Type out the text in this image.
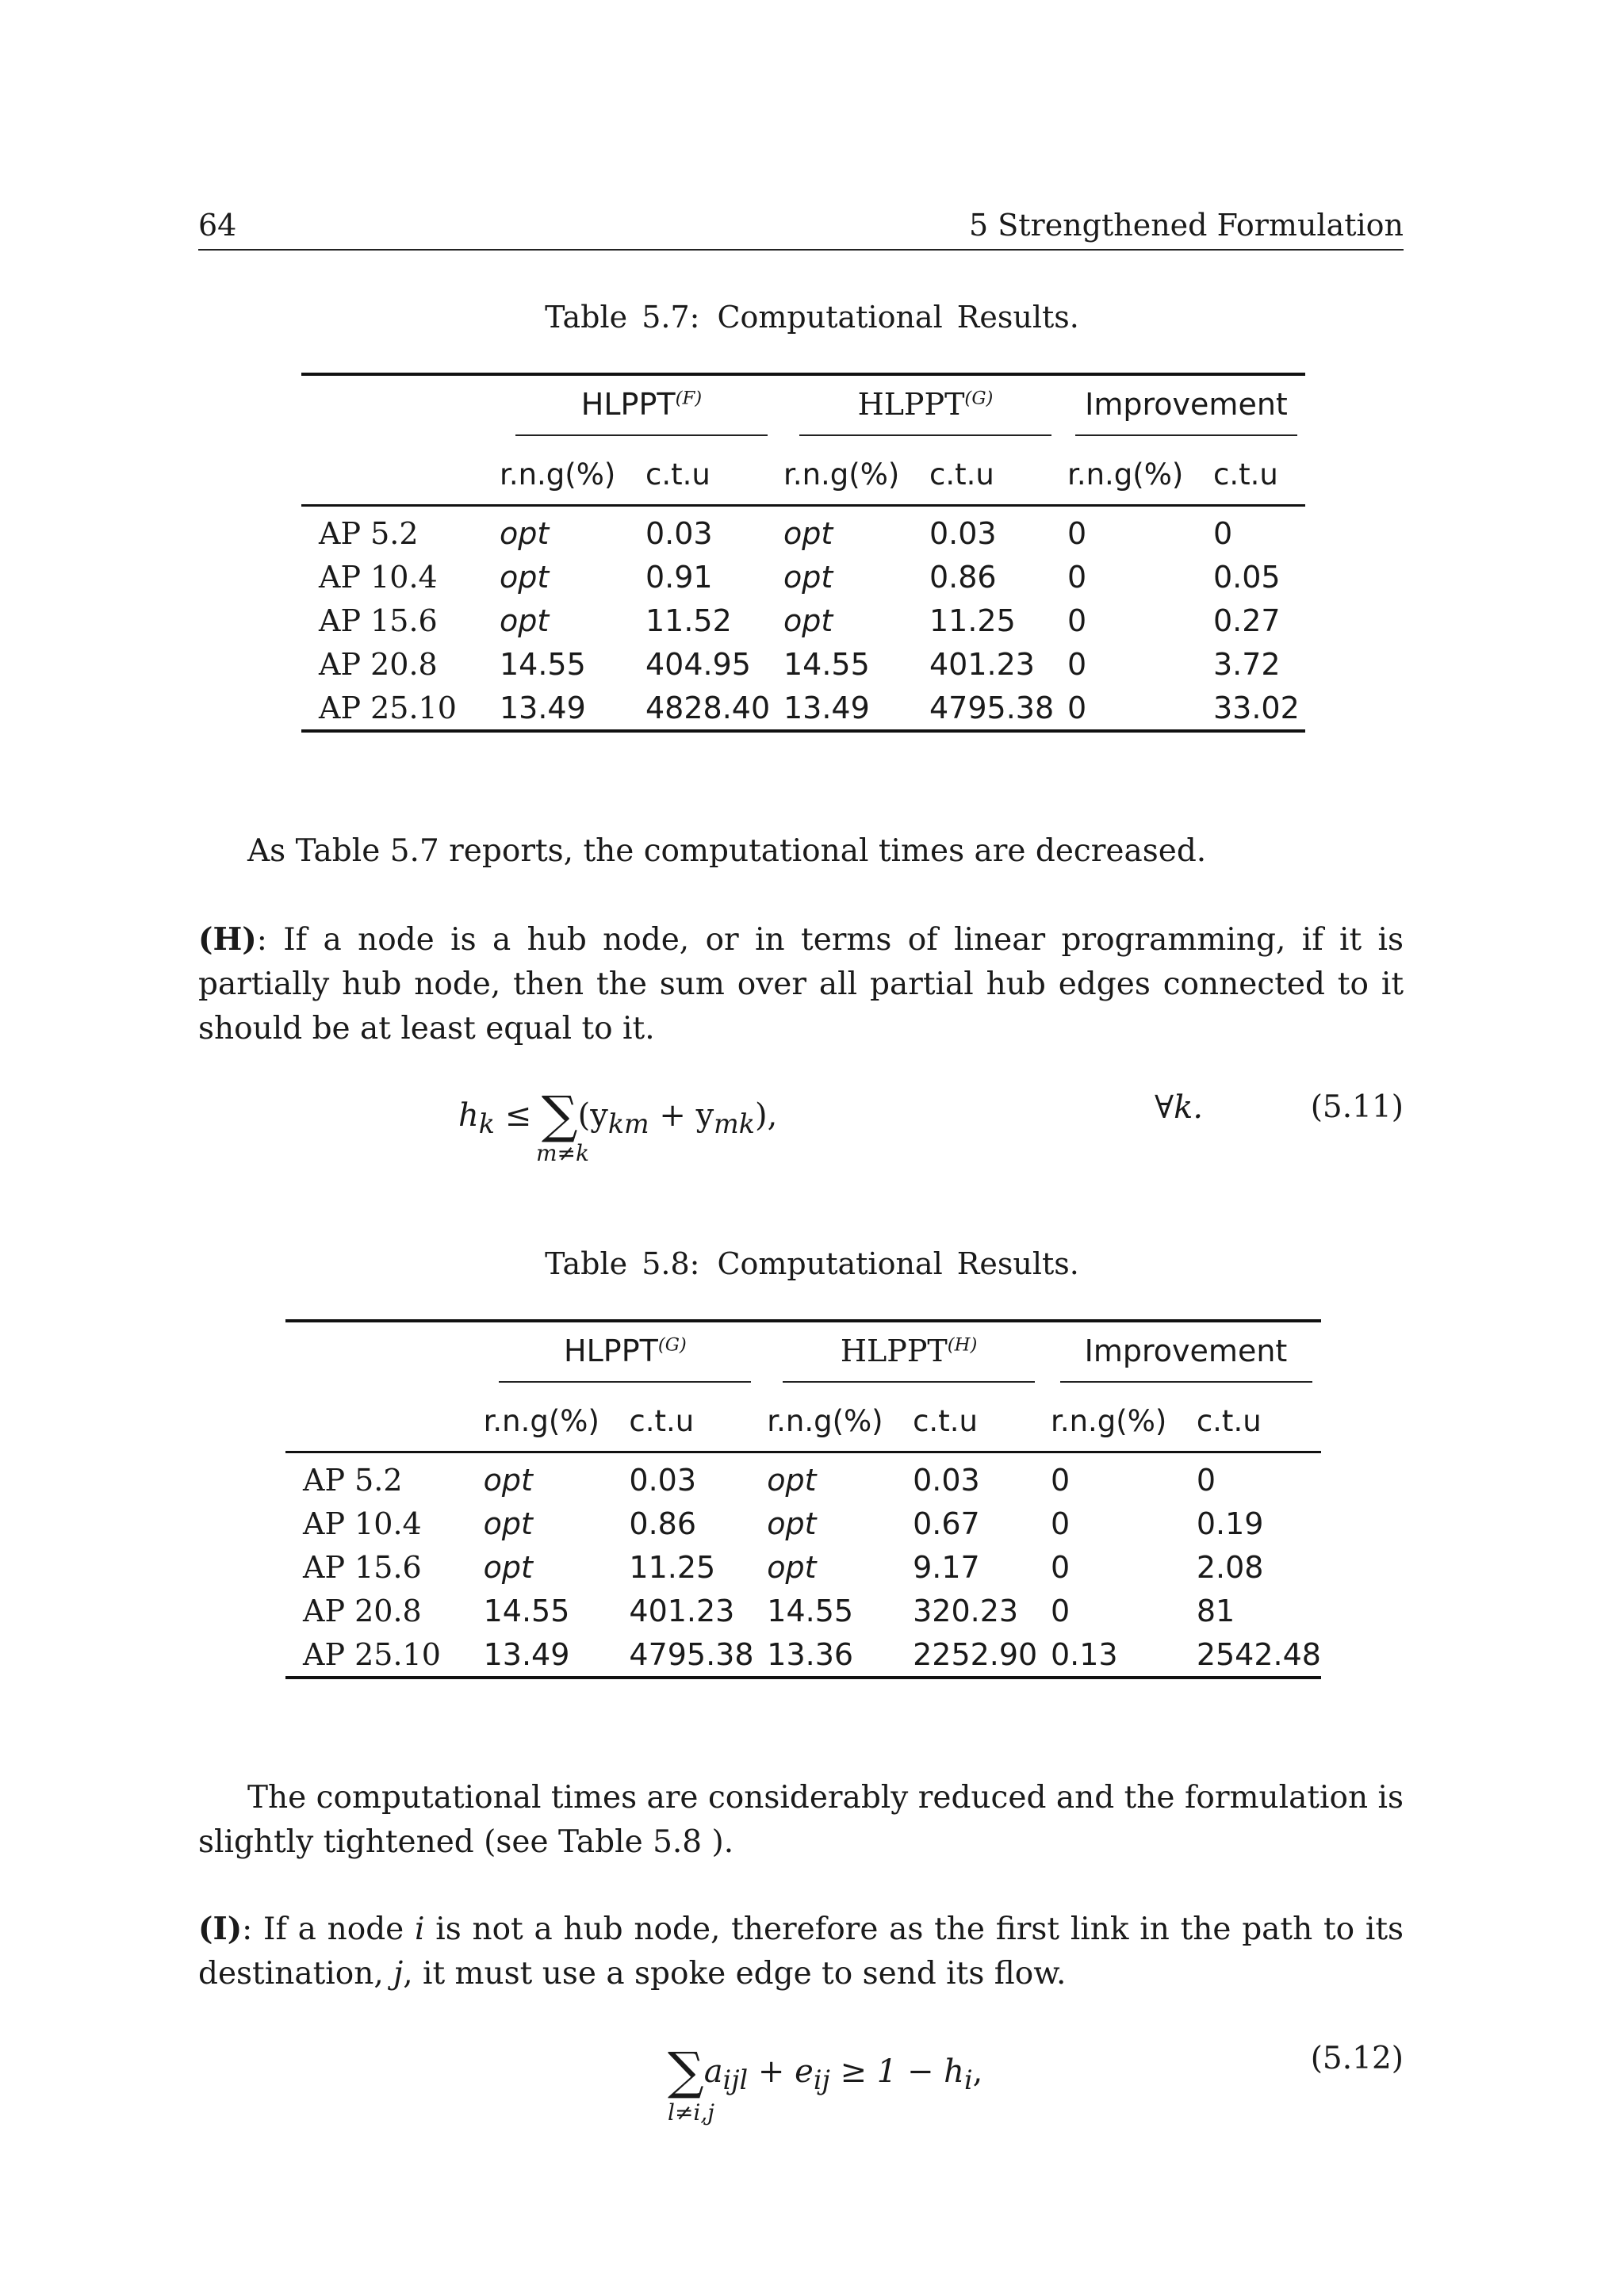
64	5 Strengthened Formulation
Table 5.7: Computational Results.
	$HLPPT^{(F)}$		$HLPPT^{(G)}$		Improvement	
	r.n.g(%)	c.t.u	r.n.g(%)	c.t.u	r.n.g(%)	c.t.u
AP 5.2	opt	0.03	opt	0.03	0	0
AP 10.4	opt	0.91	opt	0.86	0	0.05
AP 15.6	opt	11.52	opt	11.25	0	0.27
AP 20.8	14.55	404.95	14.55	401.23	0	3.72
AP 25.10	13.49	4828.40	13.49	4795.38	0	33.02
As Table 5.7 reports, the computational times are decreased.
(H): If a node is a hub node, or in terms of linear programming, if it is partially hub node, then the sum over all partial hub edges connected to it should be at least equal to it.
$h_k \le \sum(y_{km} + y_{mk})$,
m≠k
∀k.	(5.11)
Table 5.8: Computational Results.
	$HLPPT^{(G)}$		$HLPPT^{(H)}$		Improvement	
	r.n.g(%)	c.t.u	r.n.g(%)	c.t.u	r.n.g(%)	c.t.u
AP 5.2	opt	0.03	opt	0.03	0	0
AP 10.4	opt	0.86	opt	0.67	0	0.19
AP 15.6	opt	11.25	opt	9.17	0	2.08
AP 20.8	14.55	401.23	14.55	320.23	0	81
AP 25.10	13.49	4795.38	13.36	2252.90	0.13	2542.48
The computational times are considerably reduced and the formulation is slightly tightened (see Table 5.8 ).
(I): If a node i is not a hub node, therefore as the first link in the path to its destination, j, it must use a spoke edge to send its flow.
$\sum a_{ijl} + e_{ij} \ge 1 - h_i$,
l≠i,j
(5.12)
